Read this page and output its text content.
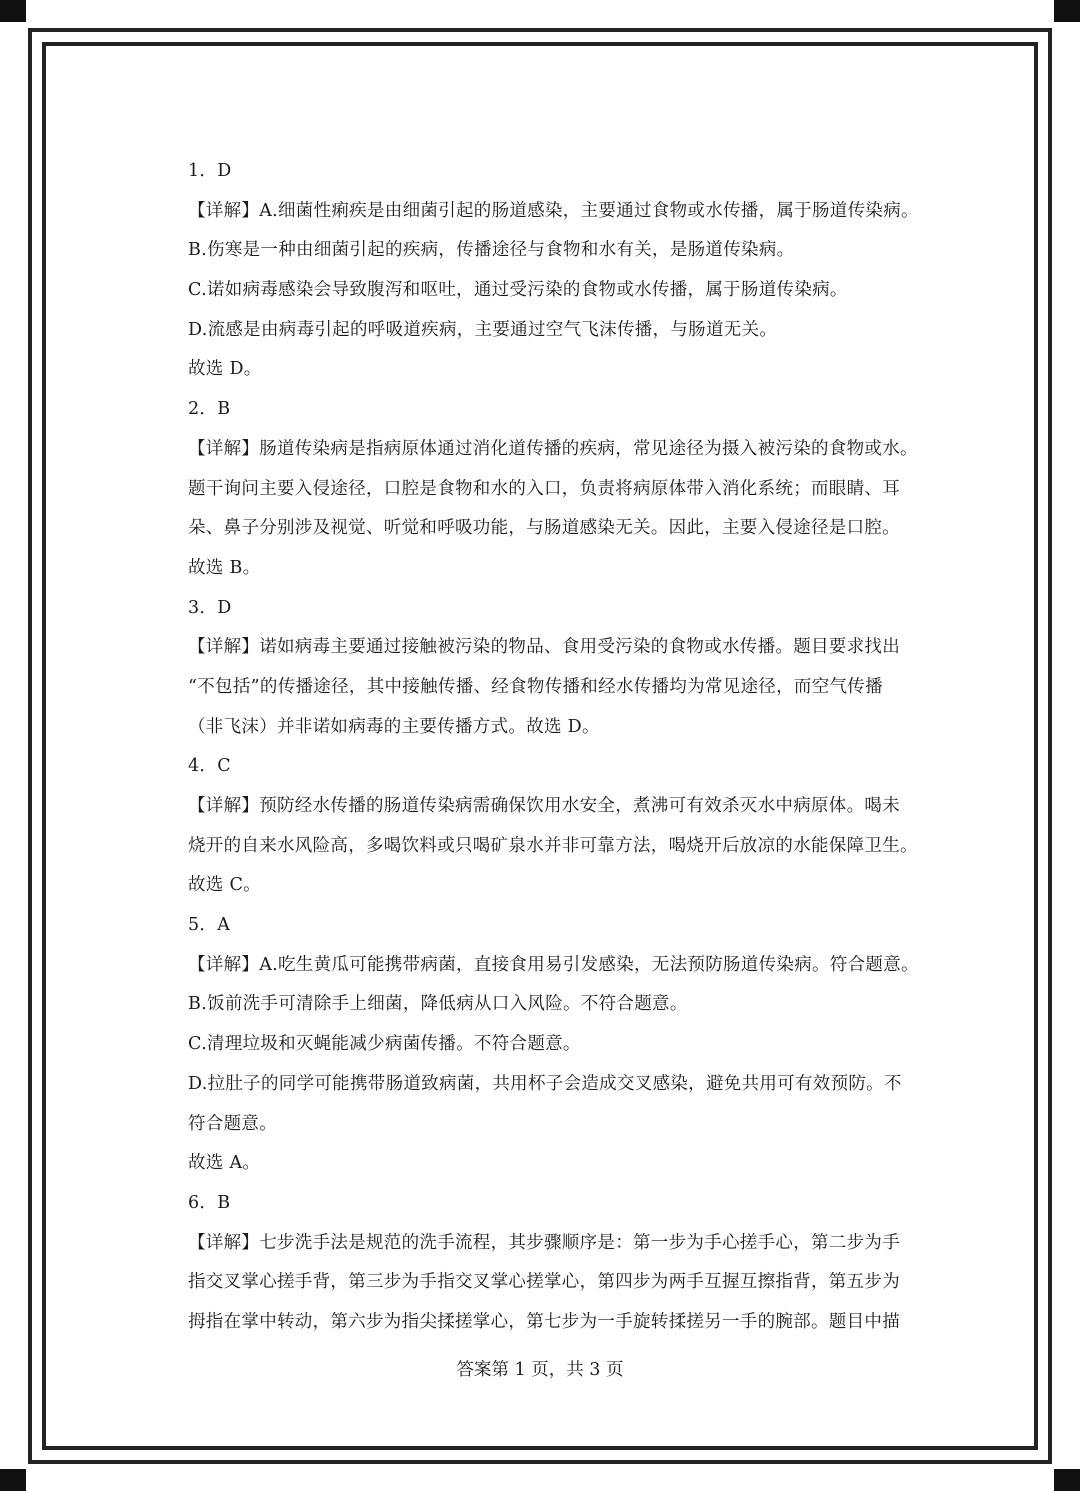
1．D
【详解】A.细菌性痢疾是由细菌引起的肠道感染，主要通过食物或水传播，属于肠道传染病。
B.伤寒是一种由细菌引起的疾病，传播途径与食物和水有关，是肠道传染病。
C.诺如病毒感染会导致腹泻和呕吐，通过受污染的食物或水传播，属于肠道传染病。
D.流感是由病毒引起的呼吸道疾病，主要通过空气飞沫传播，与肠道无关。
故选 D。
2．B
【详解】肠道传染病是指病原体通过消化道传播的疾病，常见途径为摄入被污染的食物或水。
题干询问主要入侵途径，口腔是食物和水的入口，负责将病原体带入消化系统；而眼睛、耳
朵、鼻子分别涉及视觉、听觉和呼吸功能，与肠道感染无关。因此，主要入侵途径是口腔。
故选 B。
3．D
【详解】诺如病毒主要通过接触被污染的物品、食用受污染的食物或水传播。题目要求找出
“不包括”的传播途径，其中接触传播、经食物传播和经水传播均为常见途径，而空气传播
（非飞沫）并非诺如病毒的主要传播方式。故选 D。
4．C
【详解】预防经水传播的肠道传染病需确保饮用水安全，煮沸可有效杀灭水中病原体。喝未
烧开的自来水风险高，多喝饮料或只喝矿泉水并非可靠方法，喝烧开后放凉的水能保障卫生。
故选 C。
5．A
【详解】A.吃生黄瓜可能携带病菌，直接食用易引发感染，无法预防肠道传染病。符合题意。
B.饭前洗手可清除手上细菌，降低病从口入风险。不符合题意。
C.清理垃圾和灭蝇能减少病菌传播。不符合题意。
D.拉肚子的同学可能携带肠道致病菌，共用杯子会造成交叉感染，避免共用可有效预防。不
符合题意。
故选 A。
6．B
【详解】七步洗手法是规范的洗手流程，其步骤顺序是：第一步为手心搓手心，第二步为手
指交叉掌心搓手背，第三步为手指交叉掌心搓掌心，第四步为两手互握互擦指背，第五步为
拇指在掌中转动，第六步为指尖揉搓掌心，第七步为一手旋转揉搓另一手的腕部。题目中描
答案第 1 页，共 3 页
